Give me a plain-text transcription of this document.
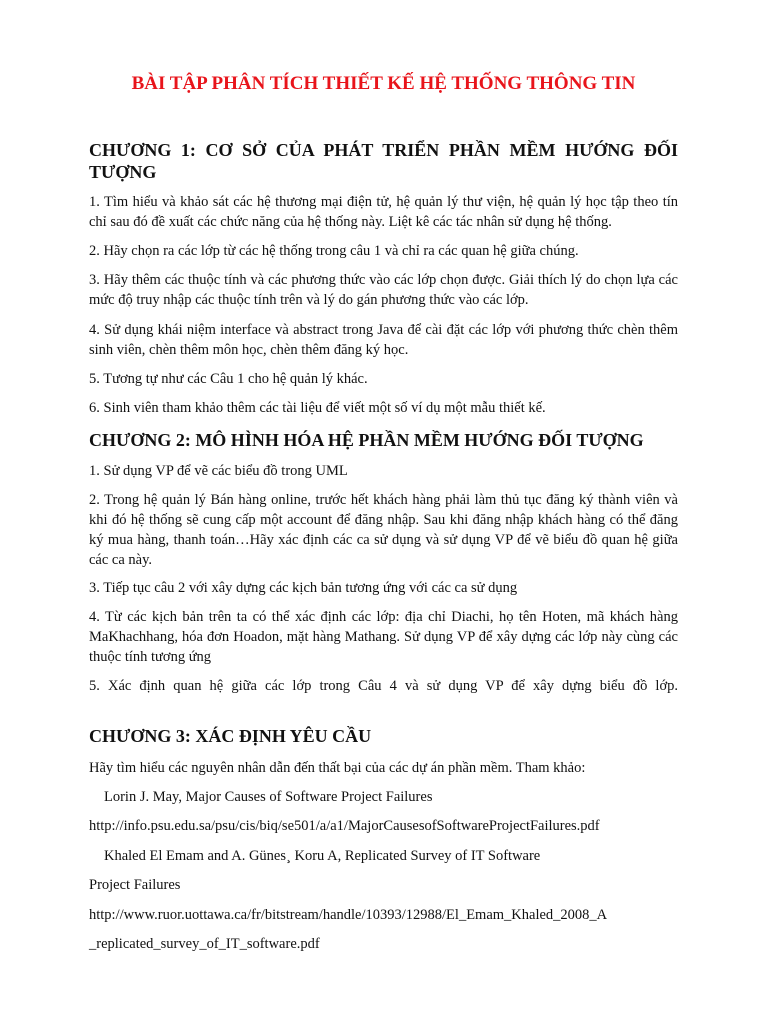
BÀI TẬP PHÂN TÍCH THIẾT KẾ HỆ THỐNG THÔNG TIN
CHƯƠNG 1: CƠ SỞ CỦA PHÁT TRIỂN PHẦN MỀM HƯỚNG ĐỐI TƯỢNG
1. Tìm hiểu và khảo sát các hệ thương mại điện tử, hệ quản lý thư viện, hệ quản lý học tập theo tín chỉ sau đó đề xuất các chức năng của hệ thống này. Liệt kê các tác nhân sử dụng hệ thống.
2. Hãy chọn ra các lớp từ các hệ thống trong câu 1 và chỉ ra các quan hệ giữa chúng.
3. Hãy thêm các thuộc tính và các phương thức vào các lớp chọn được. Giải thích lý do chọn lựa các mức độ truy nhập các thuộc tính trên và lý do gán phương thức vào các lớp.
4. Sử dụng khái niệm interface và abstract trong Java để cài đặt các lớp với phương thức chèn thêm sinh viên, chèn thêm môn học, chèn thêm đăng ký học.
5. Tương tự như các Câu 1 cho hệ quản lý khác.
6. Sinh viên tham khảo thêm các tài liệu để viết một số ví dụ một mẫu thiết kế.
CHƯƠNG 2: MÔ HÌNH HÓA HỆ PHẦN MỀM HƯỚNG ĐỐI TƯỢNG
1. Sử dụng VP để vẽ các biểu đồ trong UML
2. Trong hệ quản lý Bán hàng online, trước hết khách hàng phải làm thủ tục đăng ký thành viên và khi đó hệ thống sẽ cung cấp một account để đăng nhập. Sau khi đăng nhập khách hàng có thể đăng ký mua hàng, thanh toán…Hãy xác định các ca sử dụng và sử dụng VP để vẽ biểu đồ quan hệ giữa các ca này.
3. Tiếp tục câu 2 với xây dựng các kịch bản tương ứng với các ca sử dụng
4. Từ các kịch bản trên ta có thể xác định các lớp: địa chỉ Diachi, họ tên Hoten, mã khách hàng MaKhachhang, hóa đơn Hoadon, mặt hàng Mathang. Sử dụng VP để xây dựng các lớp này cùng các thuộc tính tương ứng
5. Xác định quan hệ giữa các lớp trong Câu 4 và sử dụng VP để xây dựng biểu đồ lớp.
CHƯƠNG 3: XÁC ĐỊNH YÊU CẦU
Hãy tìm hiểu các nguyên nhân dẫn đến thất bại của các dự án phần mềm. Tham khảo:
Lorin J. May, Major Causes of Software Project Failures
http://info.psu.edu.sa/psu/cis/biq/se501/a/a1/MajorCausesofSoftwareProjectFailures.pdf
Khaled El Emam and A. Günes¸ Koru A, Replicated Survey of IT Software
Project Failures
http://www.ruor.uottawa.ca/fr/bitstream/handle/10393/12988/El_Emam_Khaled_2008_A
_replicated_survey_of_IT_software.pdf
